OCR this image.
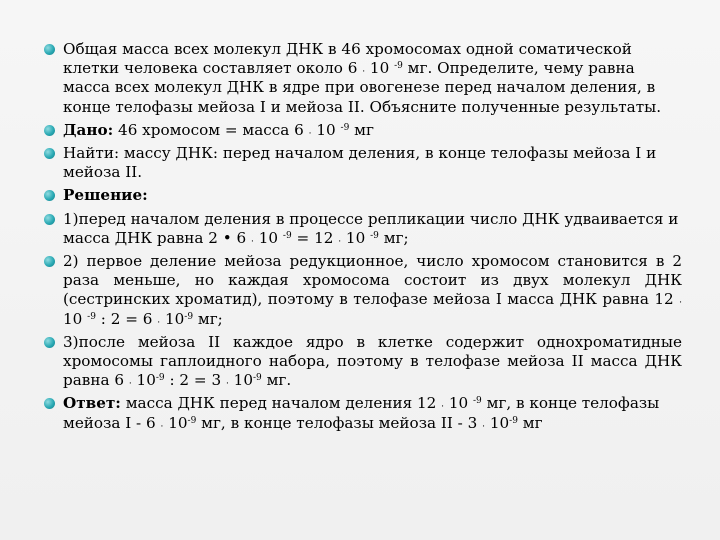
Общая масса всех молекул ДНК в 46 хромосомах одной соматической клетки человека составляет около 6 · 10 $^{-9}$ мг. Определите, чему равна масса всех молекул ДНК в ядре при овогенезе перед началом деления, в конце телофазы мейоза I и мейоза II. Объясните полученные результаты.
Дано: 46 хромосом = масса 6 · 10 $^{-9}$ мг
Найти: массу ДНК: перед началом деления, в конце телофазы мейоза I и мейоза II.
Решение:
1)перед началом деления в процессе репликации число ДНК удваивается и масса ДНК равна 2 • 6 · 10 $^{-9}$ = 12 · 10 $^{-9}$ мг;
2) первое деление мейоза редукционное, число хромосом становится в 2 раза меньше, но каждая хромосома состоит из двух молекул ДНК (сестринских хроматид), поэтому в телофазе мейоза I масса ДНК равна 12 · 10 $^{-9}$ : $2 = 6 \cdot 10^{-9}$ мг;
3)после мейоза II каждое ядро в клетке содержит однохроматидные хромосомы гаплоидного набора, поэтому в телофазе мейоза II масса ДНК равна $6 \cdot 10^{-9}$ : $2 = 3 \cdot 10^{-9}$ мг.
Ответ: масса ДНК перед началом деления 12 · 10 $^{-9}$ мг, в конце телофазы мейоза $I - 6 \cdot 10^{-9}$ мг, в конце телофазы мейоза II - $3 \cdot 10^{-9}$ мг
